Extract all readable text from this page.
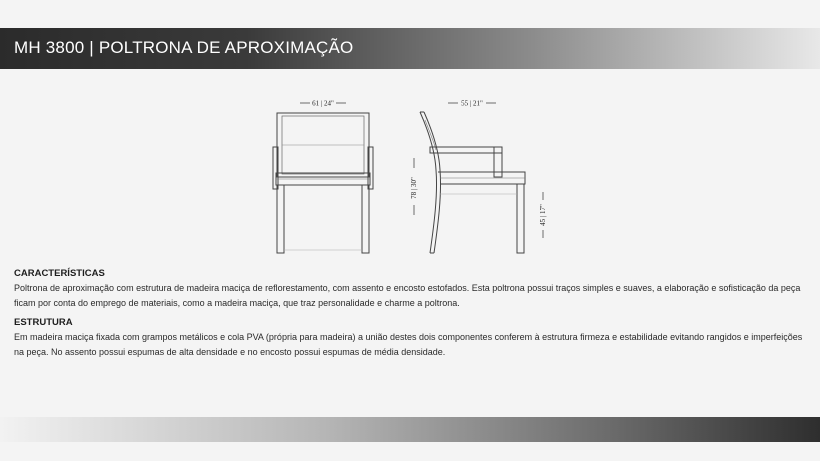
MH 3800 | POLTRONA DE APROXIMAÇÃO
61 | 24"	55 | 21"
78 | 30"
45 | 17"

CARACTERÍSTICAS

Poltrona de aproximação com estrutura de madeira maciça de reflorestamento, com assento e encosto estofados. Esta poltrona possui traços simples e suaves, a elaboração e sofisticação da peça ficam por conta do emprego de materiais, como a madeira maciça, que traz personalidade e charme a poltrona.

ESTRUTURA

Em madeira maciça fixada com grampos metálicos e cola PVA (própria para madeira) a união destes dois componentes conferem à estrutura firmeza e estabilidade evitando rangidos e imperfeições na peça. No assento possui espumas de alta densidade e no encosto possui espumas de média densidade.
